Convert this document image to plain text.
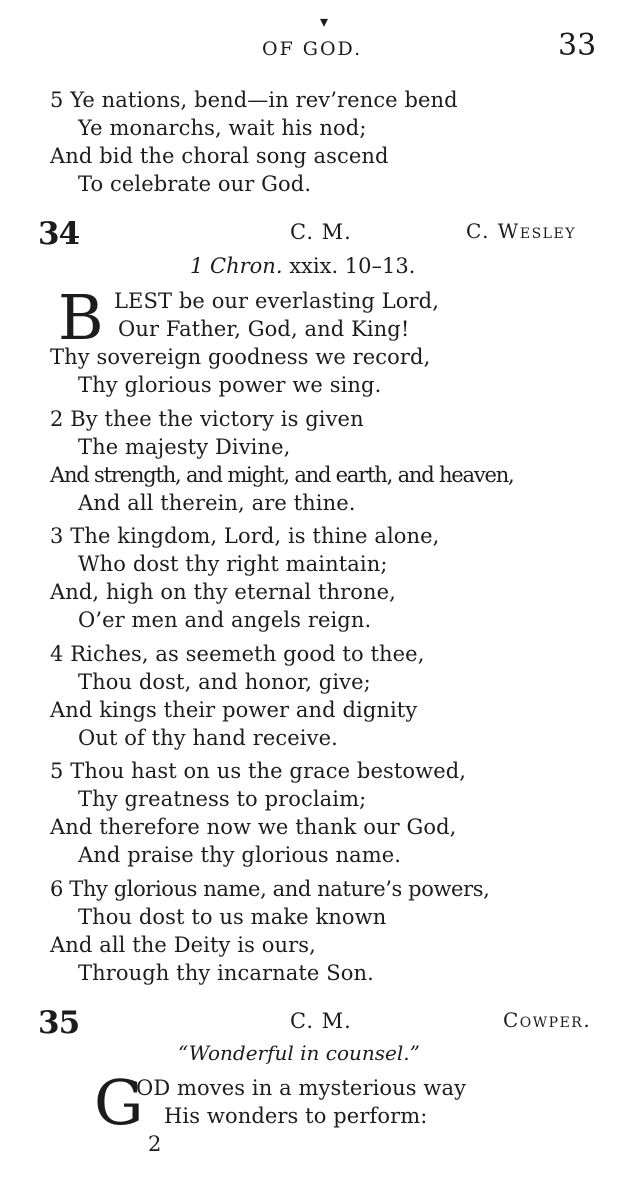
OF GOD.	33
▾
5 Ye nations, bend—in rev’rence bend
Ye monarchs, wait his nod;
And bid the choral song ascend
To celebrate our God.
34	C. M.	C. Wesley
1 Chron. xxix. 10–13.
B LEST be our everlasting Lord,
Our Father, God, and King!
Thy sovereign goodness we record,
Thy glorious power we sing.
2 By thee the victory is given
The majesty Divine,
And strength, and might, and earth, and heaven,
And all therein, are thine.
3 The kingdom, Lord, is thine alone,
Who dost thy right maintain;
And, high on thy eternal throne,
O’er men and angels reign.
4 Riches, as seemeth good to thee,
Thou dost, and honor, give;
And kings their power and dignity
Out of thy hand receive.
5 Thou hast on us the grace bestowed,
Thy greatness to proclaim;
And therefore now we thank our God,
And praise thy glorious name.
6 Thy glorious name, and nature’s powers,
Thou dost to us make known
And all the Deity is ours,
Through thy incarnate Son.
35	C. M.	Cowper.
“Wonderful in counsel.”
G
OD moves in a mysterious way
His wonders to perform:
2
